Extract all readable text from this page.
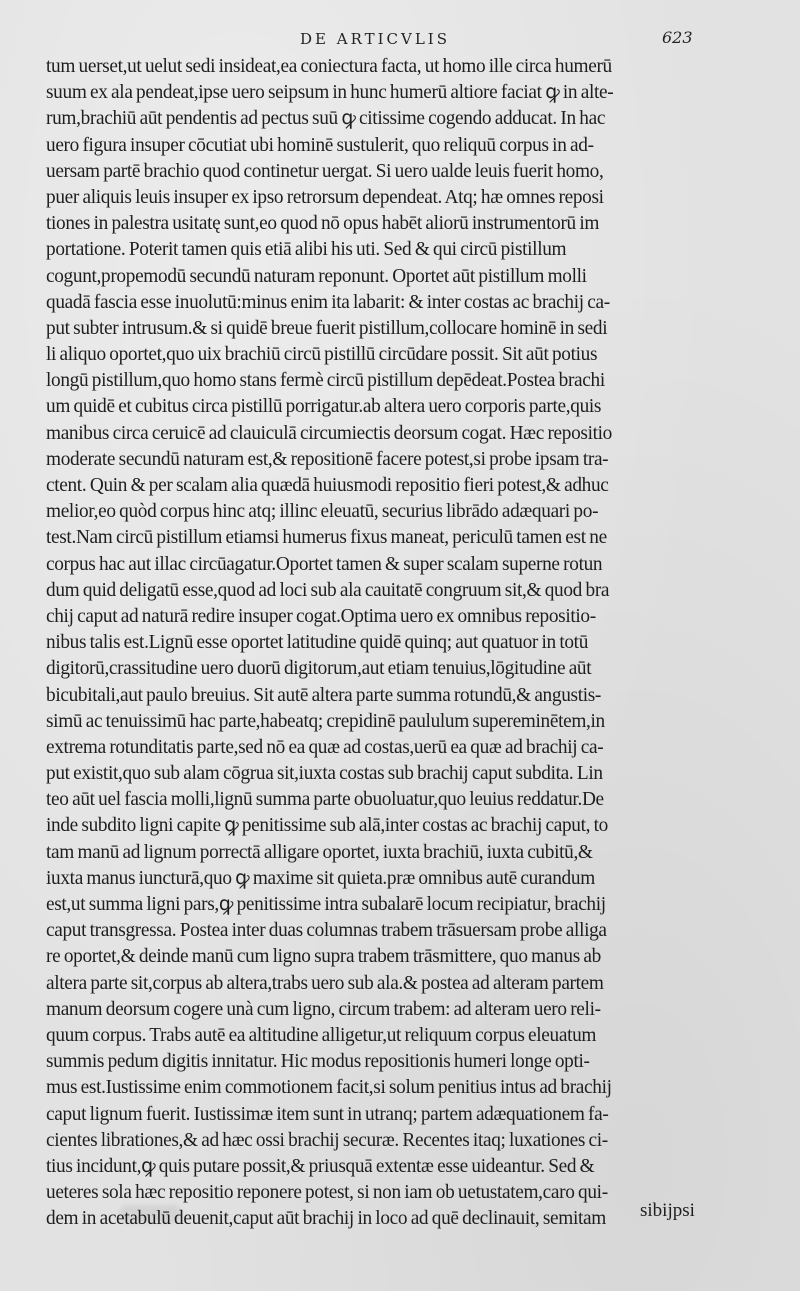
DE ARTICVLIS	623
tum uerset,ut uelut sedi insideat,ea coniectura facta, ut homo ille circa humerū
suum ex ala pendeat,ipse uero seipsum in hunc humerū altiore faciat ꝙ in alte-
rum,brachiū aūt pendentis ad pectus suū ꝙ citissime cogendo adducat. In hac
uero figura insuper cōcutiat ubi hominē sustulerit, quo reliquū corpus in ad-
uersam partē brachio quod continetur uergat. Si uero ualde leuis fuerit homo,
puer aliquis leuis insuper ex ipso retrorsum dependeat. Atq; hæ omnes reposi
tiones in palestra usitatę sunt,eo quod nō opus habēt aliorū instrumentorū im
portatione. Poterit tamen quis etiā alibi his uti. Sed & qui circū pistillum
cogunt,propemodū secundū naturam reponunt. Oportet aūt pistillum molli
quadā fascia esse inuolutū:minus enim ita labarit: & inter costas ac brachij ca-
put subter intrusum.& si quidē breue fuerit pistillum,collocare hominē in sedi
li aliquo oportet,quo uix brachiū circū pistillū circūdare possit. Sit aūt potius
longū pistillum,quo homo stans fermè circū pistillum depēdeat.Postea brachi
um quidē et cubitus circa pistillū porrigatur.ab altera uero corporis parte,quis
manibus circa ceruicē ad clauiculā circumiectis deorsum cogat. Hæc repositio
moderate secundū naturam est,& repositionē facere potest,si probe ipsam tra-
ctent. Quin & per scalam alia quædā huiusmodi repositio fieri potest,& adhuc
melior,eo quòd corpus hinc atq; illinc eleuatū, securius librādo adæquari po-
test.Nam circū pistillum etiamsi humerus fixus maneat, periculū tamen est ne
corpus hac aut illac circūagatur.Oportet tamen & super scalam superne rotun
dum quid deligatū esse,quod ad loci sub ala cauitatē congruum sit,& quod bra
chij caput ad naturā redire insuper cogat.Optima uero ex omnibus repositio-
nibus talis est.Lignū esse oportet latitudine quidē quinq; aut quatuor in totū
digitorū,crassitudine uero duorū digitorum,aut etiam tenuius,lōgitudine aūt
bicubitali,aut paulo breuius. Sit autē altera parte summa rotundū,& angustis-
simū ac tenuissimū hac parte,habeatq; crepidinē paululum supereminētem,in
extrema rotunditatis parte,sed nō ea quæ ad costas,uerū ea quæ ad brachij ca-
put existit,quo sub alam cōgrua sit,iuxta costas sub brachij caput subdita. Lin
teo aūt uel fascia molli,lignū summa parte obuoluatur,quo leuius reddatur.De
inde subdito ligni capite ꝙ penitissime sub alā,inter costas ac brachij caput, to
tam manū ad lignum porrectā alligare oportet, iuxta brachiū, iuxta cubitū,&
iuxta manus iuncturā,quo ꝙ maxime sit quieta.præ omnibus autē curandum
est,ut summa ligni pars,ꝙ penitissime intra subalarē locum recipiatur, brachij
caput transgressa. Postea inter duas columnas trabem trāsuersam probe alliga
re oportet,& deinde manū cum ligno supra trabem trāsmittere, quo manus ab
altera parte sit,corpus ab altera,trabs uero sub ala.& postea ad alteram partem
manum deorsum cogere unà cum ligno, circum trabem: ad alteram uero reli-
quum corpus. Trabs autē ea altitudine alligetur,ut reliquum corpus eleuatum
summis pedum digitis innitatur. Hic modus repositionis humeri longe opti-
mus est.Iustissime enim commotionem facit,si solum penitius intus ad brachij
caput lignum fuerit. Iustissimæ item sunt in utranq; partem adæquationem fa-
cientes librationes,& ad hæc ossi brachij securæ. Recentes itaq; luxationes ci-
tius incidunt,ꝙ quis putare possit,& priusquā extentæ esse uideantur. Sed &
ueteres sola hæc repositio reponere potest, si non iam ob uetustatem,caro qui-
dem in acetabulū deuenit,caput aūt brachij in loco ad quē declinauit, semitam	sibijpsi
